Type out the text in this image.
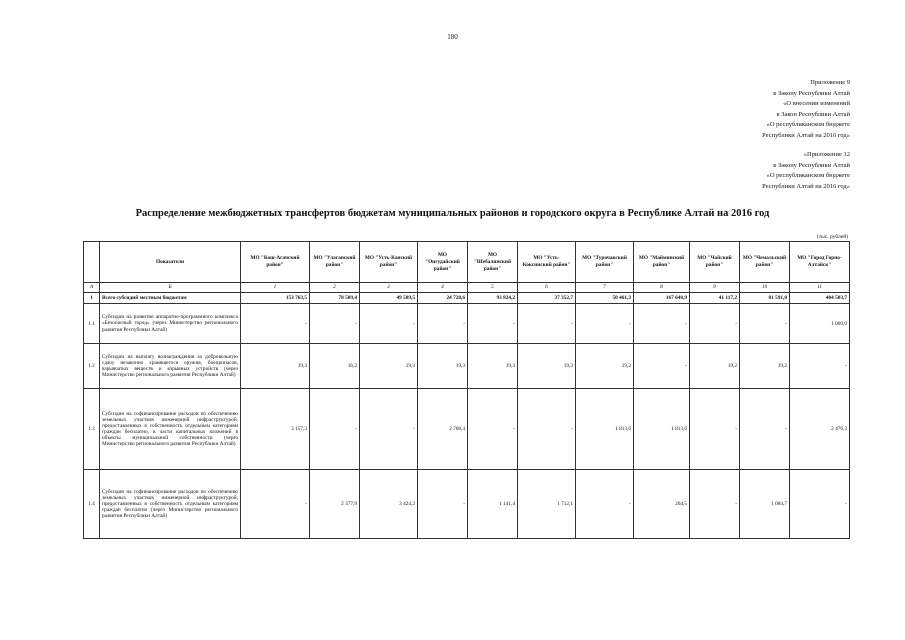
180
Приложение 9
к Закону Республики Алтай
«О внесении изменений
в Закон Республики Алтай
«О республиканском бюджете
Республики Алтай на 2016 год»
«Приложение 12
к Закону Республики Алтай
«О республиканском бюджете
Республики Алтай на 2016 год»
Распределение межбюджетных трансфертов бюджетам муниципальных районов и городского округа в Республике Алтай на 2016 год
(тыс. рублей)
	Показатели	МО "Кош-Агачский район"	МО "Улаганский район"	МО "Усть-Канский район"	МО "Онгудайский район"	МО "Шебалинский район"	МО "Усть-Коксинский район"	МО "Турочакский район"	МО "Майминский район"	МО "Чойский район"	МО "Чемальский район"	МО "Город Горно-Алтайск"
А	Б	1	2	3	4	5	6	7	8	9	10	11
1	Всего субсидий местным бюджетам	153 763,5	78 509,4	49 509,5	24 728,6	93 824,2	37 352,7	50 461,3	167 648,9	41 117,2	81 591,0	404 503,7
1.1	Субсидии на развитие аппаратно-программного комплекса «Безопасный город» (через Министерство регионального развития Республики Алтай)	-	-	-	-	-	-	-	-	-	-	1 000,0
1.2	Субсидии на выплату вознаграждения за добровольную сдачу незаконно хранящегося оружия, боеприпасов, взрывчатых веществ и взрывных устройств (через Министерство регионального развития Республики Алтай)	19,3	16,2	19,3	19,3	19,3	19,3	19,2	-	19,2	19,2	-
1.3	Субсидии на софинансирование расходов по обеспечению земельных участков инженерной инфраструктурой, предоставленных в собственность отдельным категориям граждан бесплатно, в части капитальных вложений в объекты муниципальной собственности (через Министерство регионального развития Республики Алтай)	3 157,3	-	-	2 768,4	-	-	1 813,6	1 813,6	-	-	2 476,3
1.4	Субсидии на софинансирование расходов по обеспечению земельных участков инженерной инфраструктурой, предоставленных в собственность отдельным категориям граждан бесплатно (через Министерство регионального развития Республики Алтай)	-	2 377,9	3 424,2	-	1 141,4	1 712,1	-	264,5	-	1 084,7	-
